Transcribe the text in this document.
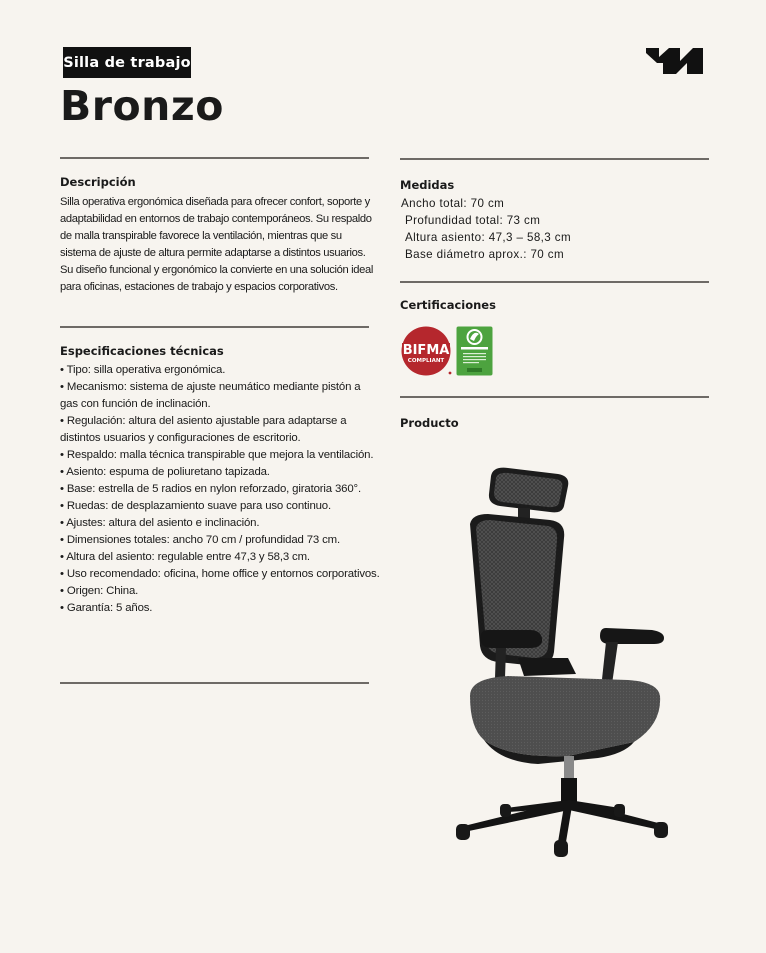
Silla de trabajo
Bronzo
Descripción

Silla operativa ergonómica diseñada para ofrecer confort, soporte y adaptabilidad en entornos de trabajo contemporáneos. Su respaldo de malla transpirable favorece la ventilación, mientras que su sistema de ajuste de altura permite adaptarse a distintos usuarios. Su diseño funcional y ergonómico la convierte en una solución ideal para oficinas, estaciones de trabajo y espacios corporativos.

Especificaciones técnicas
• Tipo: silla operativa ergonómica.
• Mecanismo: sistema de ajuste neumático mediante pistón a gas con función de inclinación.
• Regulación: altura del asiento ajustable para adaptarse a distintos usuarios y configuraciones de escritorio.
• Respaldo: malla técnica transpirable que mejora la ventilación.
• Asiento: espuma de poliuretano tapizada.
• Base: estrella de 5 radios en nylon reforzado, giratoria 360°.
• Ruedas: de desplazamiento suave para uso continuo.
• Ajustes: altura del asiento e inclinación.
• Dimensiones totales: ancho 70 cm / profundidad 73 cm.
• Altura del asiento: regulable entre 47,3 y 58,3 cm.
• Uso recomendado: oficina, home office y entornos corporativos.
• Origen: China.
• Garantía: 5 años.
Medidas
Ancho total: 70 cm
Profundidad total: 73 cm
Altura asiento: 47,3 – 58,3 cm
Base diámetro aprox.: 70 cm
Certificaciones
BIFMA
COMPLIANT
Producto
